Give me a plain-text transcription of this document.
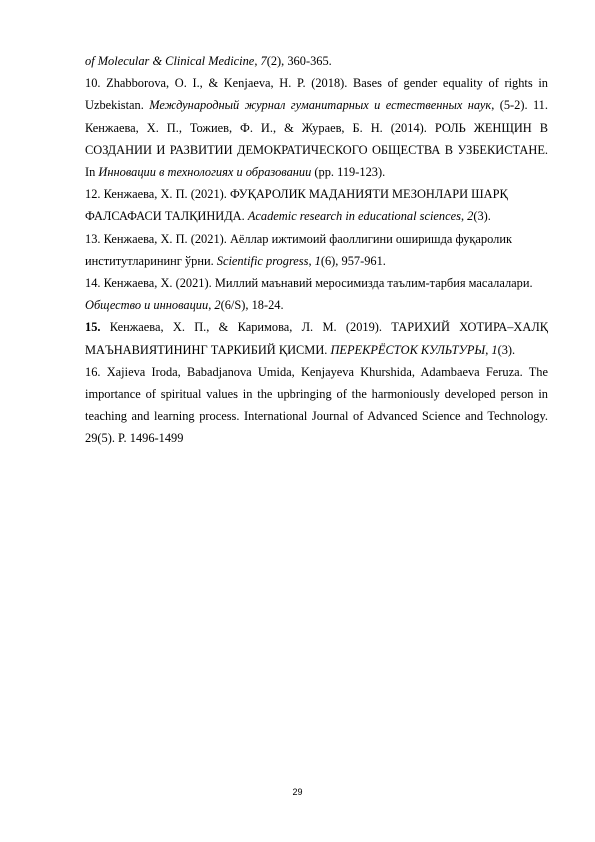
of Molecular & Clinical Medicine, 7(2), 360-365.

10. Zhabborova, O. I., & Kenjaeva, H. P. (2018). Bases of gender equality of rights in Uzbekistan. Международный журнал гуманитарных и естественных наук, (5-2). 11. Кенжаева, Х. П., Тожиев, Ф. И., & Жураев, Б. Н. (2014). РОЛЬ ЖЕНЩИН В СОЗДАНИИ И РАЗВИТИИ ДЕМОКРАТИЧЕСКОГО ОБЩЕСТВА В УЗБЕКИСТАНЕ. In Инновации в технологиях и образовании (pp. 119-123).

12. Кенжаева, Х. П. (2021). ФУҚАРОЛИК МАДАНИЯТИ МЕЗОНЛАРИ ШАРҚ ФАЛСАФАСИ ТАЛҚИНИДА. Academic research in educational sciences, 2(3).

13. Кенжаева, Х. П. (2021). Аёллар ижтимоий фаоллигини оширишда фуқаролик институтларининг ўрни. Scientific progress, 1(6), 957-961.

14. Кенжаева, Х. (2021). Миллий маънавий меросимизда таълим-тарбия масалалари. Общество и инновации, 2(6/S), 18-24.

15. Кенжаева, Х. П., & Каримова, Л. М. (2019). ТАРИХИЙ ХОТИРА–ХАЛҚ МАЪНАВИЯТИНИНГ ТАРКИБИЙ ҚИСМИ. ПЕРЕКРЁСТОК КУЛЬТУРЫ, 1(3).

16. Xajieva Iroda, Babadjanova Umida, Kenjayeva Khurshida, Adambaeva Feruza. The importance of spiritual values in the upbringing of the harmoniously developed person in teaching and learning process. International Journal of Advanced Science and Technology. 29(5). P. 1496-1499

29
